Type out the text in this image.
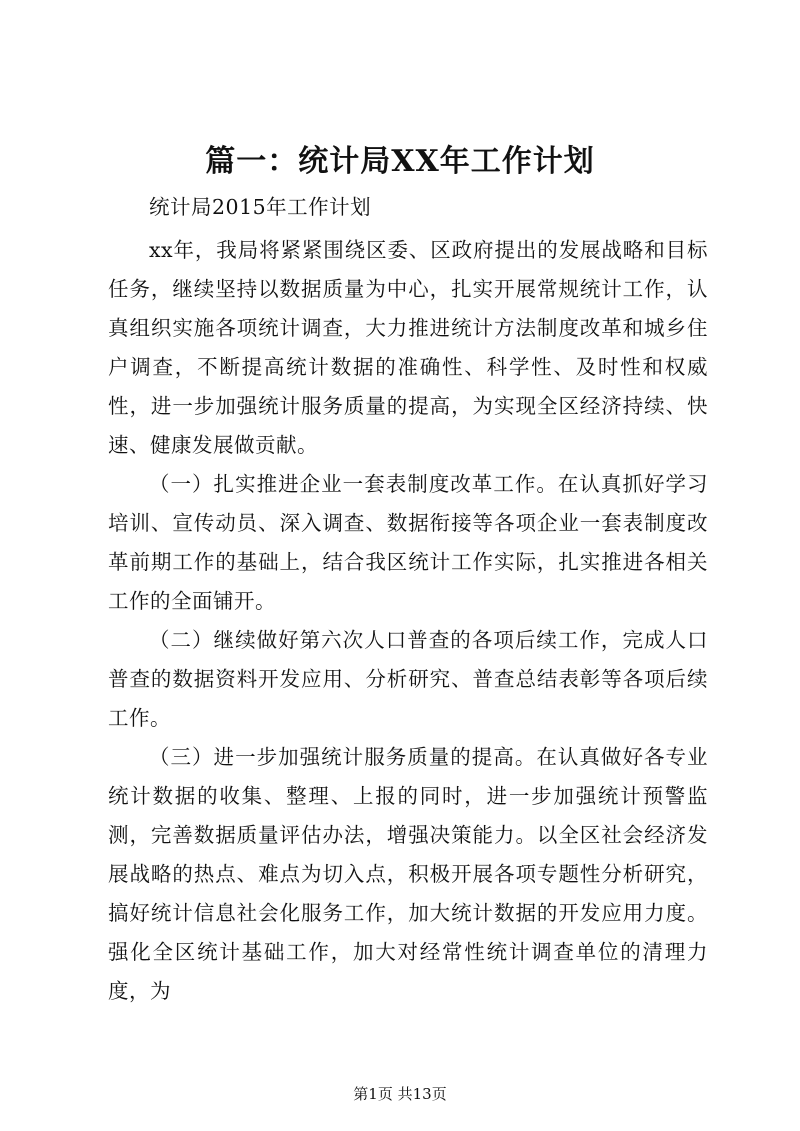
篇一：统计局XX年工作计划

统计局2015年工作计划

xx年，我局将紧紧围绕区委、区政府提出的发展战略和目标任务，继续坚持以数据质量为中心，扎实开展常规统计工作，认真组织实施各项统计调查，大力推进统计方法制度改革和城乡住户调查，不断提高统计数据的准确性、科学性、及时性和权威性，进一步加强统计服务质量的提高，为实现全区经济持续、快速、健康发展做贡献。

（一）扎实推进企业一套表制度改革工作。在认真抓好学习培训、宣传动员、深入调查、数据衔接等各项企业一套表制度改革前期工作的基础上，结合我区统计工作实际，扎实推进各相关工作的全面铺开。

（二）继续做好第六次人口普查的各项后续工作，完成人口普查的数据资料开发应用、分析研究、普查总结表彰等各项后续工作。

（三）进一步加强统计服务质量的提高。在认真做好各专业统计数据的收集、整理、上报的同时，进一步加强统计预警监测，完善数据质量评估办法，增强决策能力。以全区社会经济发展战略的热点、难点为切入点，积极开展各项专题性分析研究，搞好统计信息社会化服务工作，加大统计数据的开发应用力度。强化全区统计基础工作，加大对经常性统计调查单位的清理力度，为

第1页 共13页
